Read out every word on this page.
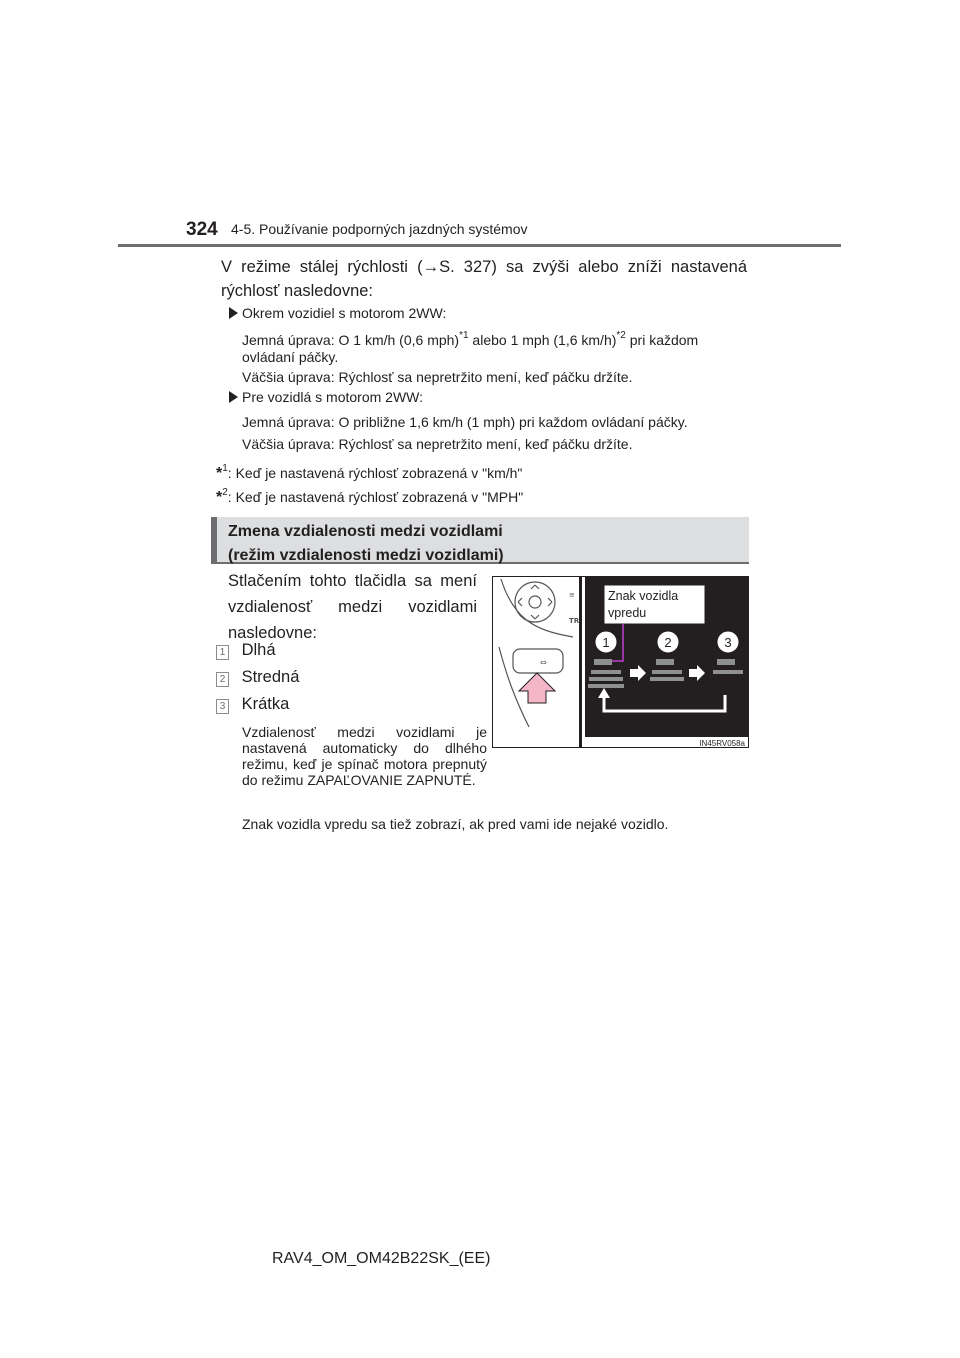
324 4-5. Používanie podporných jazdných systémov
V režime stálej rýchlosti (→S. 327) sa zvýši alebo zníži nastavená rýchlosť nasledovne:
Okrem vozidiel s motorom 2WW:
Jemná úprava: O 1 km/h (0,6 mph)$^{*1}$ alebo 1 mph (1,6 km/h)$^{*2}$ pri každom ovládaní páčky.
Väčšia úprava: Rýchlosť sa nepretržito mení, keď páčku držíte.
Pre vozidlá s motorom 2WW:
Jemná úprava: O približne 1,6 km/h (1 mph) pri každom ovládaní páčky.
Väčšia úprava: Rýchlosť sa nepretržito mení, keď páčku držíte.
*$^1$: Keď je nastavená rýchlosť zobrazená v "km/h"
*$^2$: Keď je nastavená rýchlosť zobrazená v "MPH"
Zmena vzdialenosti medzi vozidlami
(režim vzdialenosti medzi vozidlami)
Stlačením tohto tlačidla sa mení vzdialenosť medzi vozidlami nasledovne:
1 Dlhá
2 Stredná
3 Krátka
Vzdialenosť medzi vozidlami je nastavená automaticky do dlhého režimu, keď je spínač motora prepnutý do režimu ZAPAĽOVANIE ZAPNUTÉ.
⇔
TR
≡	Znak vozidla
vpredu
1	2	3
IN45RV058a
Znak vozidla vpredu sa tiež zobrazí, ak pred vami ide nejaké vozidlo.
RAV4_OM_OM42B22SK_(EE)
